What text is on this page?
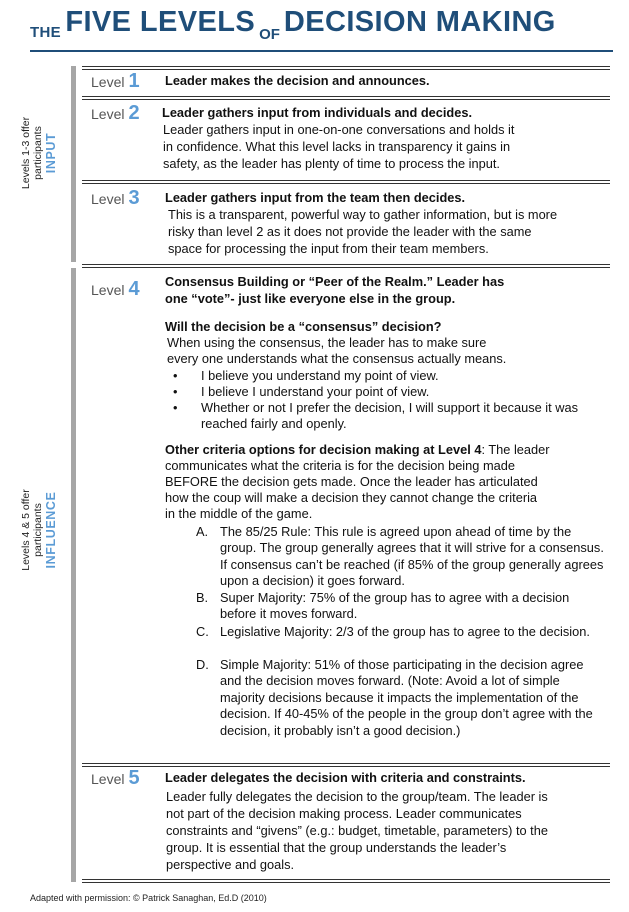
THE FIVE LEVELS OF DECISION MAKING
Levels 1-3 offer participants INPUT
Levels 4 & 5 offer participants INFLUENCE
Level 1 Leader makes the decision and announces.
Level 2 Leader gathers input from individuals and decides.
Leader gathers input in one-on-one conversations and holds it
in confidence. What this level lacks in transparency it gains in
safety, as the leader has plenty of time to process the input.
Level 3 Leader gathers input from the team then decides.
This is a transparent, powerful way to gather information, but is more
risky than level 2 as it does not provide the leader with the same
space for processing the input from their team members.
Level 4 Consensus Building or “Peer of the Realm.” Leader has
one “vote”- just like everyone else in the group.
Will the decision be a “consensus” decision?
When using the consensus, the leader has to make sure
every one understands what the consensus actually means.
• I believe you understand my point of view.
• I believe I understand your point of view.
• Whether or not I prefer the decision, I will support it because it was reached fairly and openly.
Other criteria options for decision making at Level 4: The leader
communicates what the criteria is for the decision being made
BEFORE the decision gets made. Once the leader has articulated
how the coup will make a decision they cannot change the criteria
in the middle of the game.
A. The 85/25 Rule: This rule is agreed upon ahead of time by the group. The group generally agrees that it will strive for a consensus. If consensus can’t be reached (if 85% of the group generally agrees upon a decision) it goes forward.
B. Super Majority: 75% of the group has to agree with a decision before it moves forward.
C. Legislative Majority: 2/3 of the group has to agree to the decision.
D. Simple Majority: 51% of those participating in the decision agree and the decision moves forward. (Note: Avoid a lot of simple majority decisions because it impacts the implementation of the decision. If 40-45% of the people in the group don’t agree with the decision, it probably isn’t a good decision.)
Level 5 Leader delegates the decision with criteria and constraints.
Leader fully delegates the decision to the group/team. The leader is
not part of the decision making process. Leader communicates
constraints and “givens” (e.g.: budget, timetable, parameters) to the
group. It is essential that the group understands the leader’s
perspective and goals.
Adapted with permission: © Patrick Sanaghan, Ed.D (2010)
